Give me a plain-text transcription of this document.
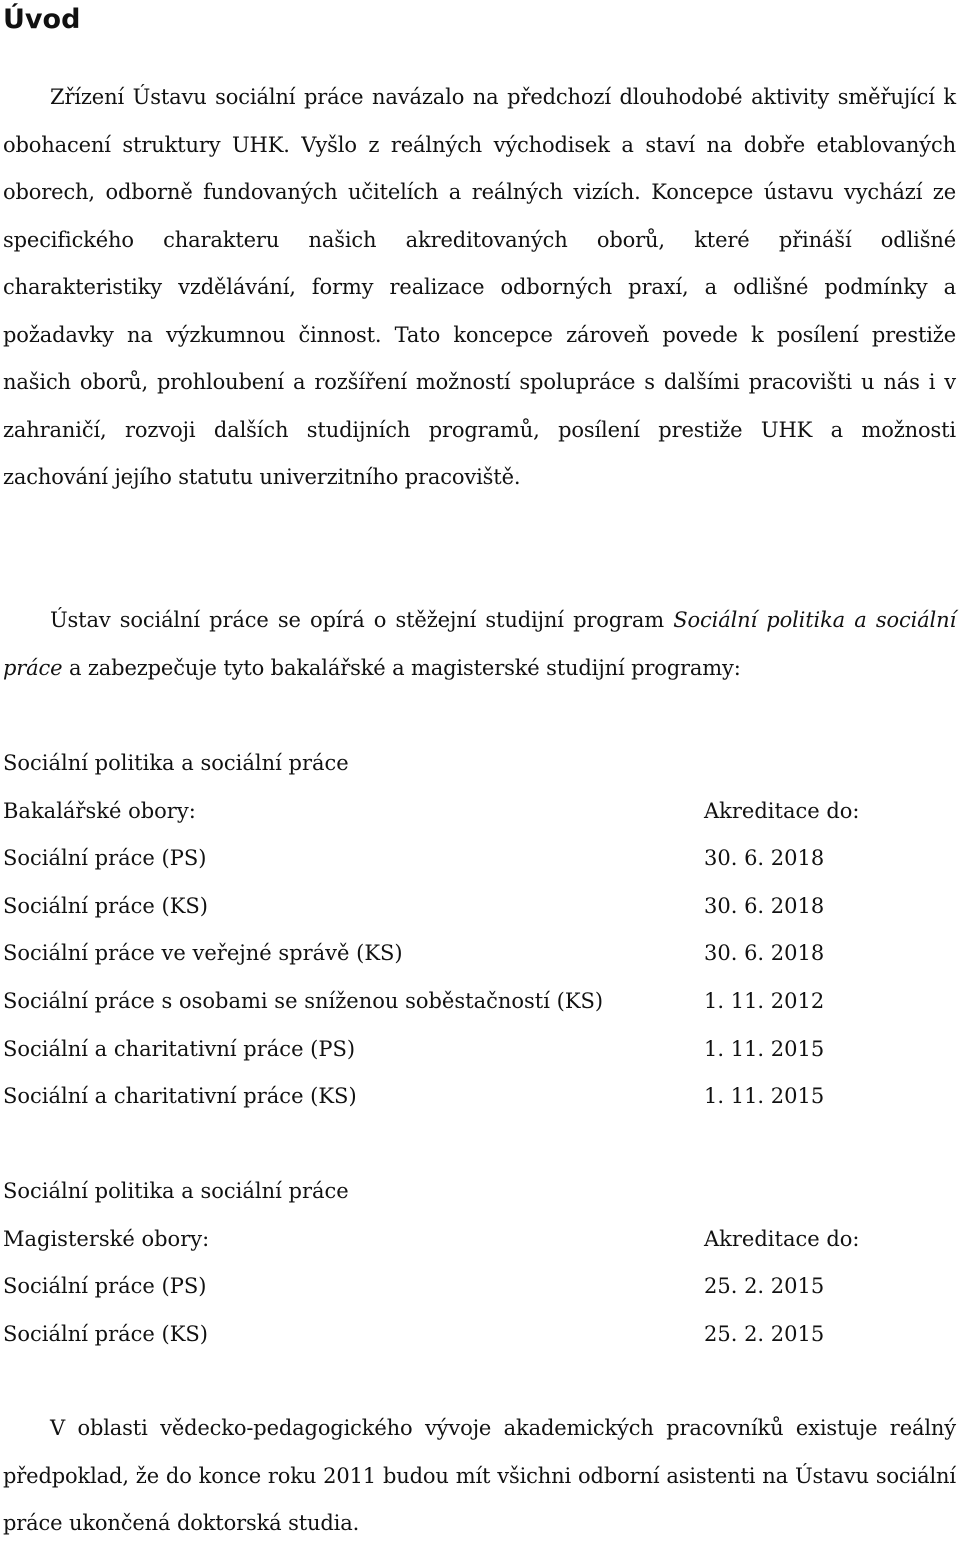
Úvod

Zřízení Ústavu sociální práce navázalo na předchozí dlouhodobé aktivity směřující k obohacení struktury UHK. Vyšlo z reálných východisek a staví na dobře etablovaných oborech, odborně fundovaných učitelích a reálných vizích. Koncepce ústavu vychází ze specifického charakteru našich akreditovaných oborů, které přináší odlišné charakteristiky vzdělávání, formy realizace odborných praxí, a odlišné podmínky a požadavky na výzkumnou činnost. Tato koncepce zároveň povede k posílení prestiže našich oborů, prohloubení a rozšíření možností spolupráce s dalšími pracovišti u nás i v zahraničí, rozvoji dalších studijních programů, posílení prestiže UHK a možnosti zachování jejího statutu univerzitního pracoviště.

Ústav sociální práce se opírá o stěžejní studijní program Sociální politika a sociální práce a zabezpečuje tyto bakalářské a magisterské studijní programy:

Sociální politika a sociální práce
Bakalářské obory:	Akreditace do:
Sociální práce (PS)	30. 6. 2018
Sociální práce (KS)	30. 6. 2018
Sociální práce ve veřejné správě (KS)	30. 6. 2018
Sociální práce s osobami se sníženou soběstačností (KS)	1. 11. 2012
Sociální a charitativní práce (PS)	1. 11. 2015
Sociální a charitativní práce (KS)	1. 11. 2015
Sociální politika a sociální práce
Magisterské obory:	Akreditace do:
Sociální práce (PS)	25. 2. 2015
Sociální práce (KS)	25. 2. 2015

V oblasti vědecko-pedagogického vývoje akademických pracovníků existuje reálný předpoklad, že do konce roku 2011 budou mít všichni odborní asistenti na Ústavu sociální práce ukončená doktorská studia.
